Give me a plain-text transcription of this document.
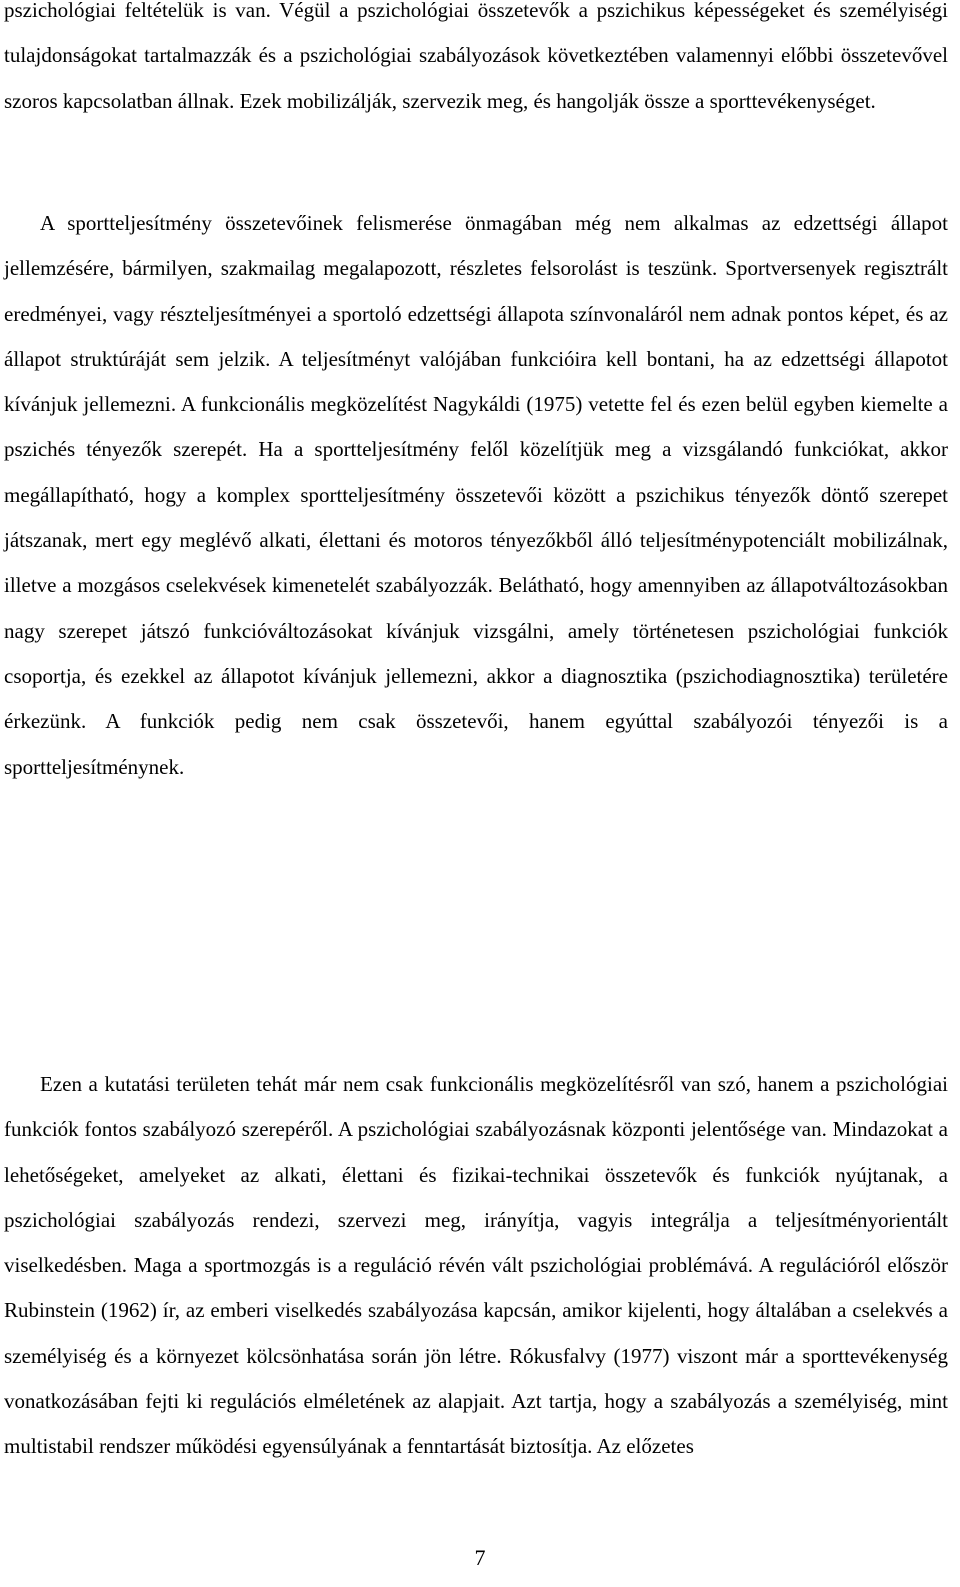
pszichológiai feltételük is van. Végül a pszichológiai összetevők a pszichikus képességeket és személyiségi tulajdonságokat tartalmazzák és a pszichológiai szabályozások következtében valamennyi előbbi összetevővel szoros kapcsolatban állnak. Ezek mobilizálják, szervezik meg, és hangolják össze a sporttevékenységet.

A sportteljesítmény összetevőinek felismerése önmagában még nem alkalmas az edzettségi állapot jellemzésére, bármilyen, szakmailag megalapozott, részletes felsorolást is teszünk. Sportversenyek regisztrált eredményei, vagy részteljesítményei a sportoló edzettségi állapota színvonaláról nem adnak pontos képet, és az állapot struktúráját sem jelzik. A teljesítményt valójában funkcióira kell bontani, ha az edzettségi állapotot kívánjuk jellemezni. A funkcionális megközelítést Nagykáldi (1975) vetette fel és ezen belül egyben kiemelte a pszichés tényezők szerepét. Ha a sportteljesítmény felől közelítjük meg a vizsgálandó funkciókat, akkor megállapítható, hogy a komplex sportteljesítmény összetevői között a pszichikus tényezők döntő szerepet játszanak, mert egy meglévő alkati, élettani és motoros tényezőkből álló teljesítménypotenciált mobilizálnak, illetve a mozgásos cselekvések kimenetelét szabályozzák. Belátható, hogy amennyiben az állapotváltozásokban nagy szerepet játszó funkcióváltozásokat kívánjuk vizsgálni, amely történetesen pszichológiai funkciók csoportja, és ezekkel az állapotot kívánjuk jellemezni, akkor a diagnosztika (pszichodiagnosztika) területére érkezünk. A funkciók pedig nem csak összetevői, hanem egyúttal szabályozói tényezői is a sportteljesítménynek.

Ezen a kutatási területen tehát már nem csak funkcionális megközelítésről van szó, hanem a pszichológiai funkciók fontos szabályozó szerepéről. A pszichológiai szabályozásnak központi jelentősége van. Mindazokat a lehetőségeket, amelyeket az alkati, élettani és fizikai-technikai összetevők és funkciók nyújtanak, a pszichológiai szabályozás rendezi, szervezi meg, irányítja, vagyis integrálja a teljesítményorientált viselkedésben. Maga a sportmozgás is a reguláció révén vált pszichológiai problémává. A regulációról először Rubinstein (1962) ír, az emberi viselkedés szabályozása kapcsán, amikor kijelenti, hogy általában a cselekvés a személyiség és a környezet kölcsönhatása során jön létre. Rókusfalvy (1977) viszont már a sporttevékenység vonatkozásában fejti ki regulációs elméletének az alapjait. Azt tartja, hogy a szabályozás a személyiség, mint multistabil rendszer működési egyensúlyának a fenntartását biztosítja. Az előzetes

7
